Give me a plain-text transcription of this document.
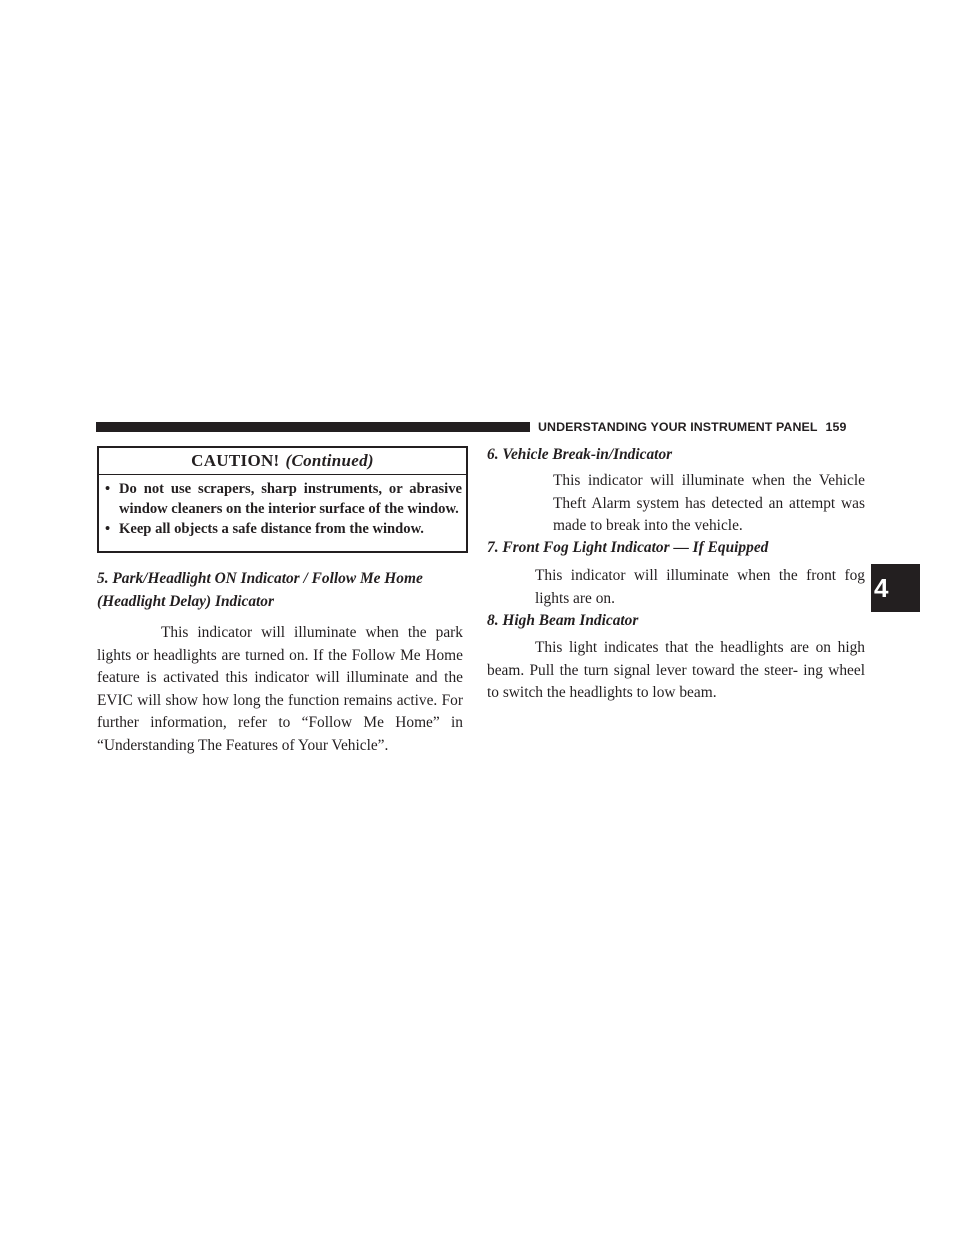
UNDERSTANDING YOUR INSTRUMENT PANEL 159
4
CAUTION! (Continued)
• Do not use scrapers, sharp instruments, or abrasive window cleaners on the interior surface of the window.
• Keep all objects a safe distance from the window.
5. Park/Headlight ON Indicator / Follow Me Home
(Headlight Delay) Indicator
This indicator will illuminate when the park lights or headlights are turned on. If the Follow Me Home feature is activated this indicator will illuminate and the EVIC will show how long the function remains active. For further information, refer to “Follow Me Home” in “Understanding The Features of Your Vehicle”.
6. Vehicle Break-in/Indicator
This indicator will illuminate when the Vehicle Theft Alarm system has detected an attempt was made to break into the vehicle.
7. Front Fog Light Indicator — If Equipped
This indicator will illuminate when the front fog lights are on.
8. High Beam Indicator
This light indicates that the headlights are on high beam. Pull the turn signal lever toward the steer- ing wheel to switch the headlights to low beam.
